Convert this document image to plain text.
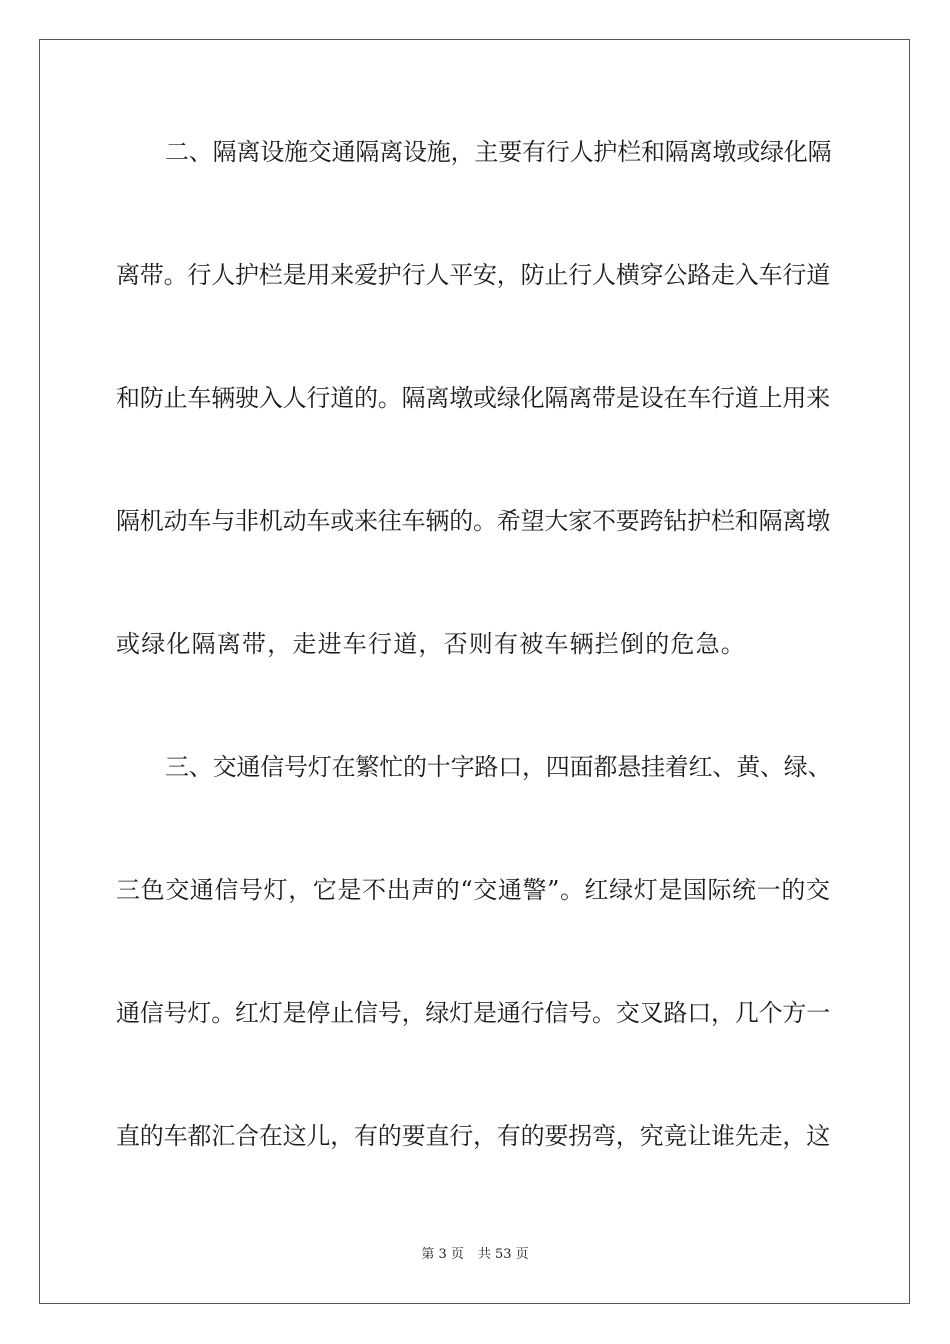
二、隔离设施交通隔离设施，主要有行人护栏和隔离墩或绿化隔
离带。行人护栏是用来爱护行人平安，防止行人横穿公路走入车行道
和防止车辆驶入人行道的。隔离墩或绿化隔离带是设在车行道上用来
隔机动车与非机动车或来往车辆的。希望大家不要跨钻护栏和隔离墩
或绿化隔离带，走进车行道，否则有被车辆拦倒的危急。
三、交通信号灯在繁忙的十字路口，四面都悬挂着红、黄、绿、
三色交通信号灯，它是不出声的“交通警”。红绿灯是国际统一的交
通信号灯。红灯是停止信号，绿灯是通行信号。交叉路口，几个方一
直的车都汇合在这儿，有的要直行，有的要拐弯，究竟让谁先走，这
第 3 页 共 53 页
